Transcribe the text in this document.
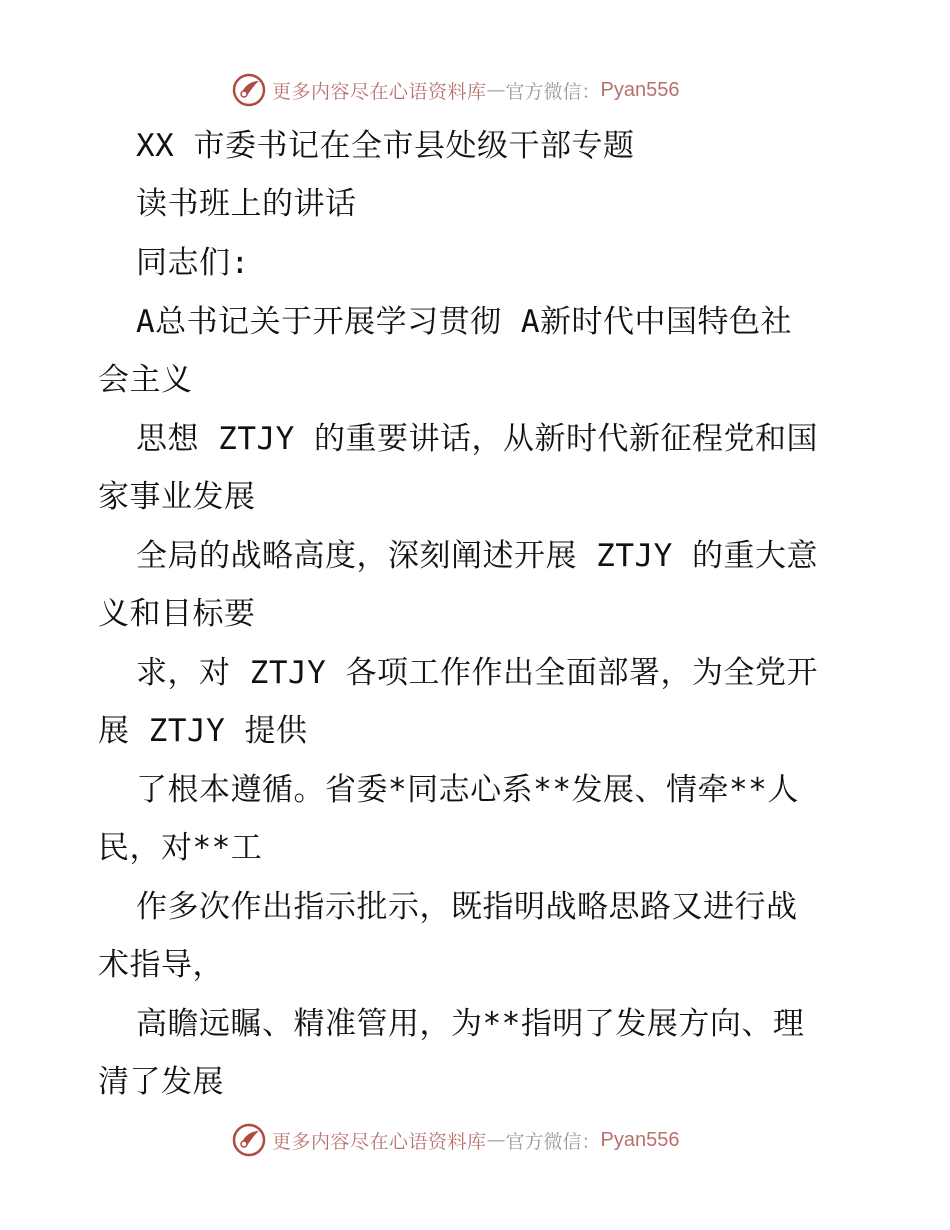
更多内容尽在心语资料库 — 官方微信： Pyan556
XX 市委书记在全市县处级干部专题
读书班上的讲话
同志们:
A总书记关于开展学习贯彻 A新时代中国特色社
会主义
思想 ZTJY 的重要讲话，从新时代新征程党和国
家事业发展
全局的战略高度，深刻阐述开展 ZTJY 的重大意
义和目标要
求，对 ZTJY 各项工作作出全面部署，为全党开
展 ZTJY 提供
了根本遵循。省委*同志心系**发展、情牵**人
民，对**工
作多次作出指示批示，既指明战略思路又进行战
术指导，
高瞻远瞩、精准管用，为**指明了发展方向、理
清了发展
更多内容尽在心语资料库 — 官方微信： Pyan556
